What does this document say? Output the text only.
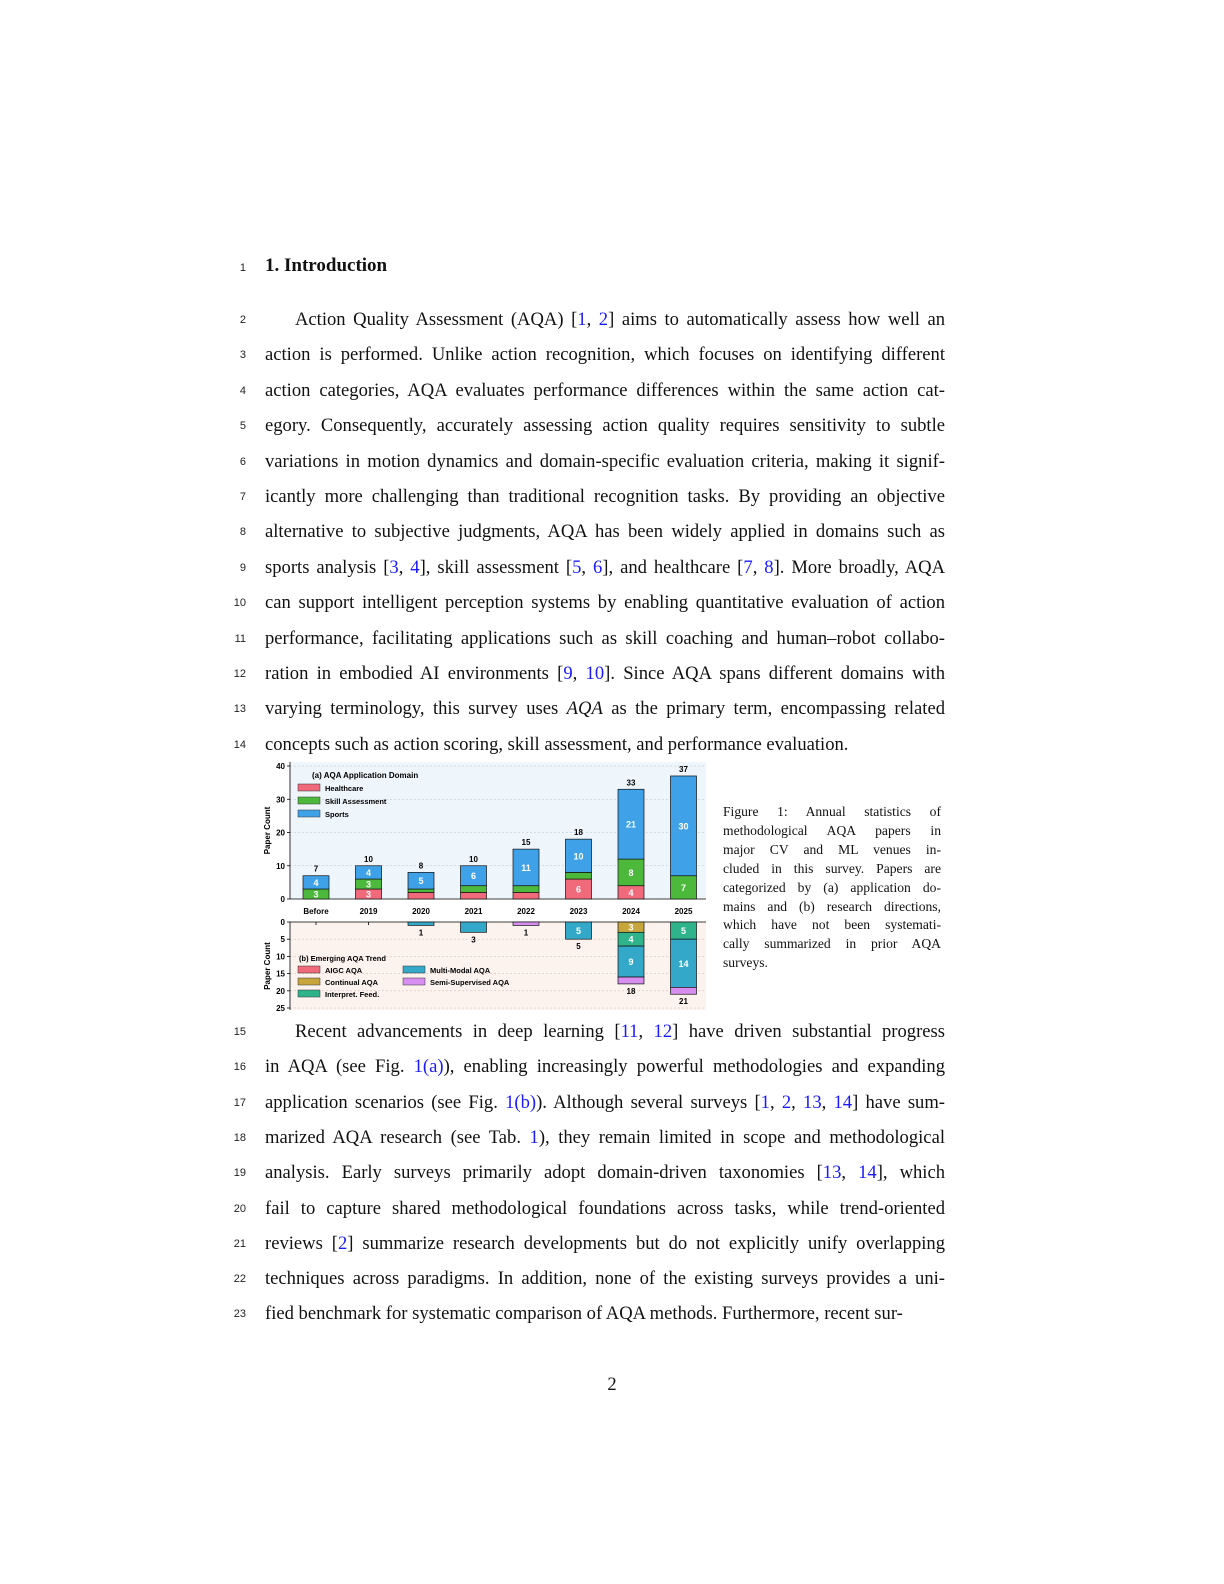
1 1. Introduction
2	Action Quality Assessment (AQA) [1, 2] aims to automatically assess how well an
3 action is performed. Unlike action recognition, which focuses on identifying different
4 action categories, AQA evaluates performance differences within the same action cat-
5 egory. Consequently, accurately assessing action quality requires sensitivity to subtle
6 variations in motion dynamics and domain-specific evaluation criteria, making it signif-
7 icantly more challenging than traditional recognition tasks. By providing an objective
8 alternative to subjective judgments, AQA has been widely applied in domains such as
9 sports analysis [3, 4], skill assessment [5, 6], and healthcare [7, 8]. More broadly, AQA
10 can support intelligent perception systems by enabling quantitative evaluation of action
11 performance, facilitating applications such as skill coaching and human–robot collabo-
12 ration in embodied AI environments [9, 10]. Since AQA spans different domains with
13 varying terminology, this survey uses AQA as the primary term, encompassing related
14 concepts such as action scoring, skill assessment, and performance evaluation.
0
10
20
30
40
Paper Count
3
4
7
Before
3
3
4
10
2019
5
8
2020
6
10
2021
11
15
2022
6
10
18
2023
4
8
21
33
2024
7
30
37
2025
(a) AQA Application Domain
Healthcare
Skill Assessment
Sports
0
5
10
15
20
25
Paper Count
1
3
1	5
5
3
4
9
18
5
14
21
(b) Emerging AQA Trend
AIGC AQA
Continual AQA
Interpret. Feed.
Multi-Modal AQA
Semi-Supervised AQA
Figure 1: Annual statistics of
methodological AQA papers in
major CV and ML venues in-
cluded in this survey. Papers are
categorized by (a) application do-
mains and (b) research directions,
which have not been systemati-
cally summarized in prior AQA
surveys.
15	Recent advancements in deep learning [11, 12] have driven substantial progress
16 in AQA (see Fig. 1(a)), enabling increasingly powerful methodologies and expanding
17 application scenarios (see Fig. 1(b)). Although several surveys [1, 2, 13, 14] have sum-
18 marized AQA research (see Tab. 1), they remain limited in scope and methodological
19 analysis. Early surveys primarily adopt domain-driven taxonomies [13, 14], which
20 fail to capture shared methodological foundations across tasks, while trend-oriented
21 reviews [2] summarize research developments but do not explicitly unify overlapping
22 techniques across paradigms. In addition, none of the existing surveys provides a uni-
23 fied benchmark for systematic comparison of AQA methods. Furthermore, recent sur-
2
